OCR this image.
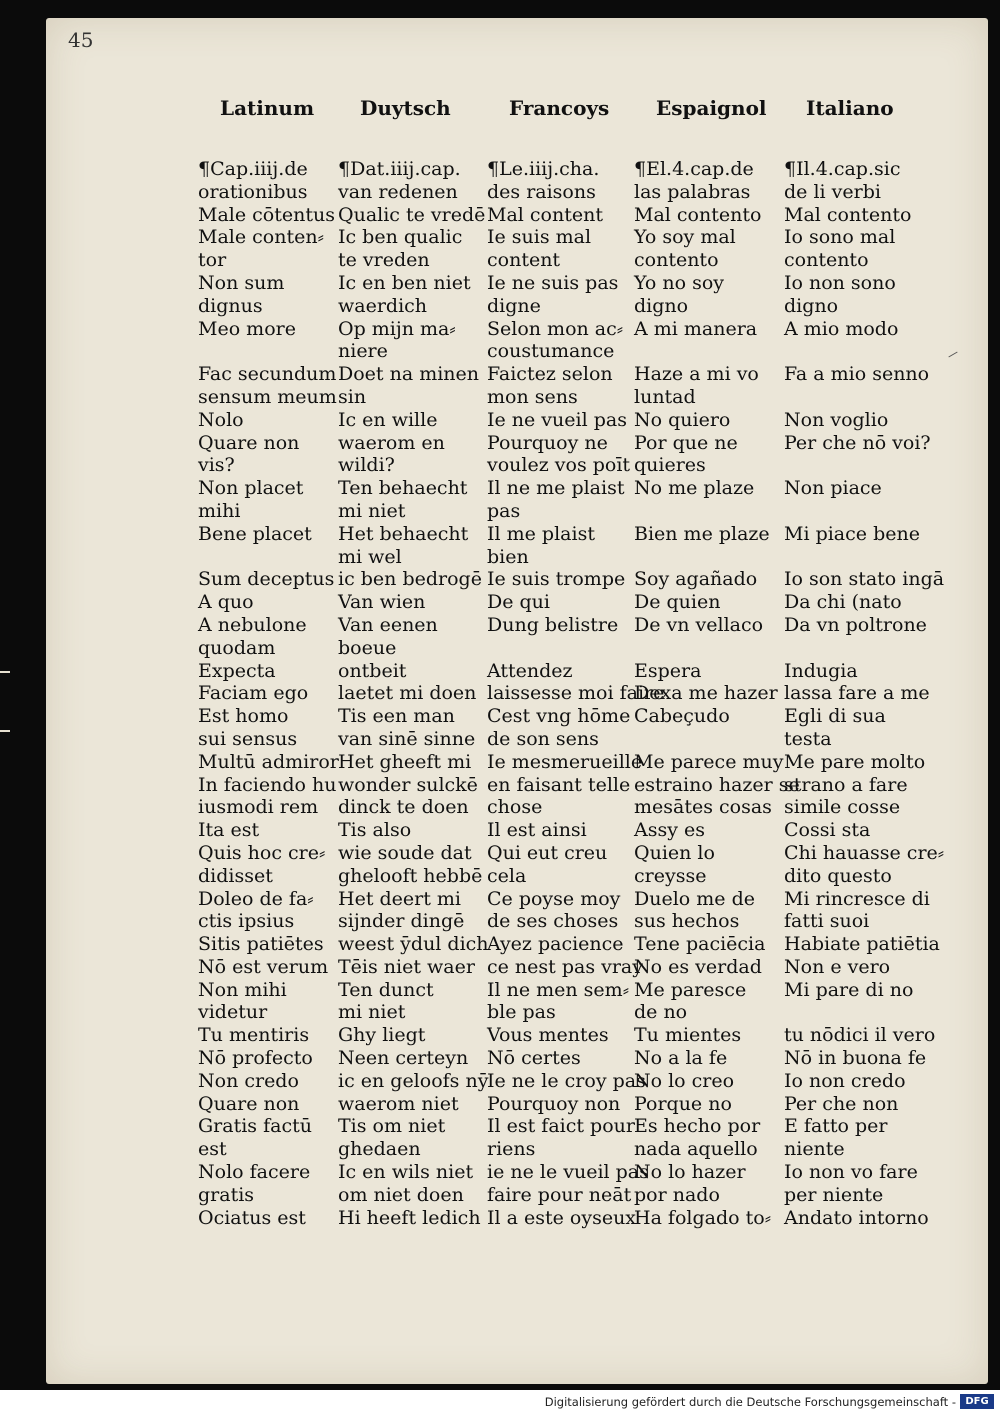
45
Latinum
¶Cap.iiij.de
orationibus
Male cōtentus
Male conten⸗
tor
Non sum
dignus
Meo more
Fac secundum
sensum meum
Nolo
Quare non
vis?
Non placet
mihi
Bene placet
Sum deceptus
A quo
A nebulone
quodam
Expecta
Faciam ego
Est homo
sui sensus
Multū admiror
In faciendo hu
iusmodi rem
Ita est
Quis hoc cre⸗
didisset
Doleo de fa⸗
ctis ipsius
Sitis patiētes
Nō est verum
Non mihi
videtur
Tu mentiris
Nō profecto
Non credo
Quare non
Gratis factū
est
Nolo facere
gratis
Ociatus est
Duytsch
¶Dat.iiij.cap.
van redenen
Qualic te vredē
Ic ben qualic
te vreden
Ic en ben niet
waerdich
Op mijn ma⸗
niere
Doet na minen
sin
Ic en wille
waerom en
wildi?
Ten behaecht
mi niet
Het behaecht
mi wel
ic ben bedrogē
Van wien
Van eenen
boeue
ontbeit
laetet mi doen
Tis een man
van sinē sinne
Het gheeft mi
wonder sulckē
dinck te doen
Tis also
wie soude dat
ghelooft hebbē
Het deert mi
sijnder dingē
weest ȳdul dich
Tēis niet waer
Ten dunct
mi niet
Ghy liegt
Neen certeyn
ic en geloofs nȳ
waerom niet
Tis om niet
ghedaen
Ic en wils niet
om niet doen
Hi heeft ledich
Francoys
¶Le.iiij.cha.
des raisons
Mal content
Ie suis mal
content
Ie ne suis pas
digne
Selon mon ac⸗
coustumance
Faictez selon
mon sens
Ie ne vueil pas
Pourquoy ne
voulez vos poīt
Il ne me plaist
pas
Il me plaist
bien
Ie suis trompe
De qui
Dung belistre
Attendez
laissesse moi faire
Cest vng hōme
de son sens
Ie mesmerueille
en faisant telle
chose
Il est ainsi
Qui eut creu
cela
Ce poyse moy
de ses choses
Ayez pacience
ce nest pas vray
Il ne men sem⸗
ble pas
Vous mentes
Nō certes
Ie ne le croy pas
Pourquoy non
Il est faict pour
riens
ie ne le vueil pas
faire pour neāt
Il a este oyseux
Espaignol
¶El.4.cap.de
las palabras
Mal contento
Yo soy mal
contento
Yo no soy
digno
A mi manera
Haze a mi vo
luntad
No quiero
Por que ne
quieres
No me plaze
Bien me plaze
Soy agañado
De quien
De vn vellaco
Espera
Dexa me hazer
Cabeçudo
Me parece muy
estraino hazer se
mesātes cosas
Assy es
Quien lo
creysse
Duelo me de
sus hechos
Tene paciēcia
No es verdad
Me paresce
de no
Tu mientes
No a la fe
No lo creo
Porque no
Es hecho por
nada aquello
No lo hazer
por nado
Ha folgado to⸗
Italiano
¶Il.4.cap.sic
de li verbi
Mal contento
Io sono mal
contento
Io non sono
digno
A mio modo
Fa a mio senno
Non voglio
Per che nō voi?
Non piace
Mi piace bene
Io son stato ingā
Da chi (nato
Da vn poltrone
Indugia
lassa fare a me
Egli di sua
testa
Me pare molto
strano a fare
simile cosse
Cossi sta
Chi hauasse cre⸗
dito questo
Mi rincresce di
fatti suoi
Habiate patiētia
Non e vero
Mi pare di no
tu nōdici il vero
Nō in buona fe
Io non credo
Per che non
E fatto per
niente
Io non vo fare
per niente
Andato intorno
Digitalisierung gefördert durch die Deutsche Forschungsgemeinschaft - DFG
